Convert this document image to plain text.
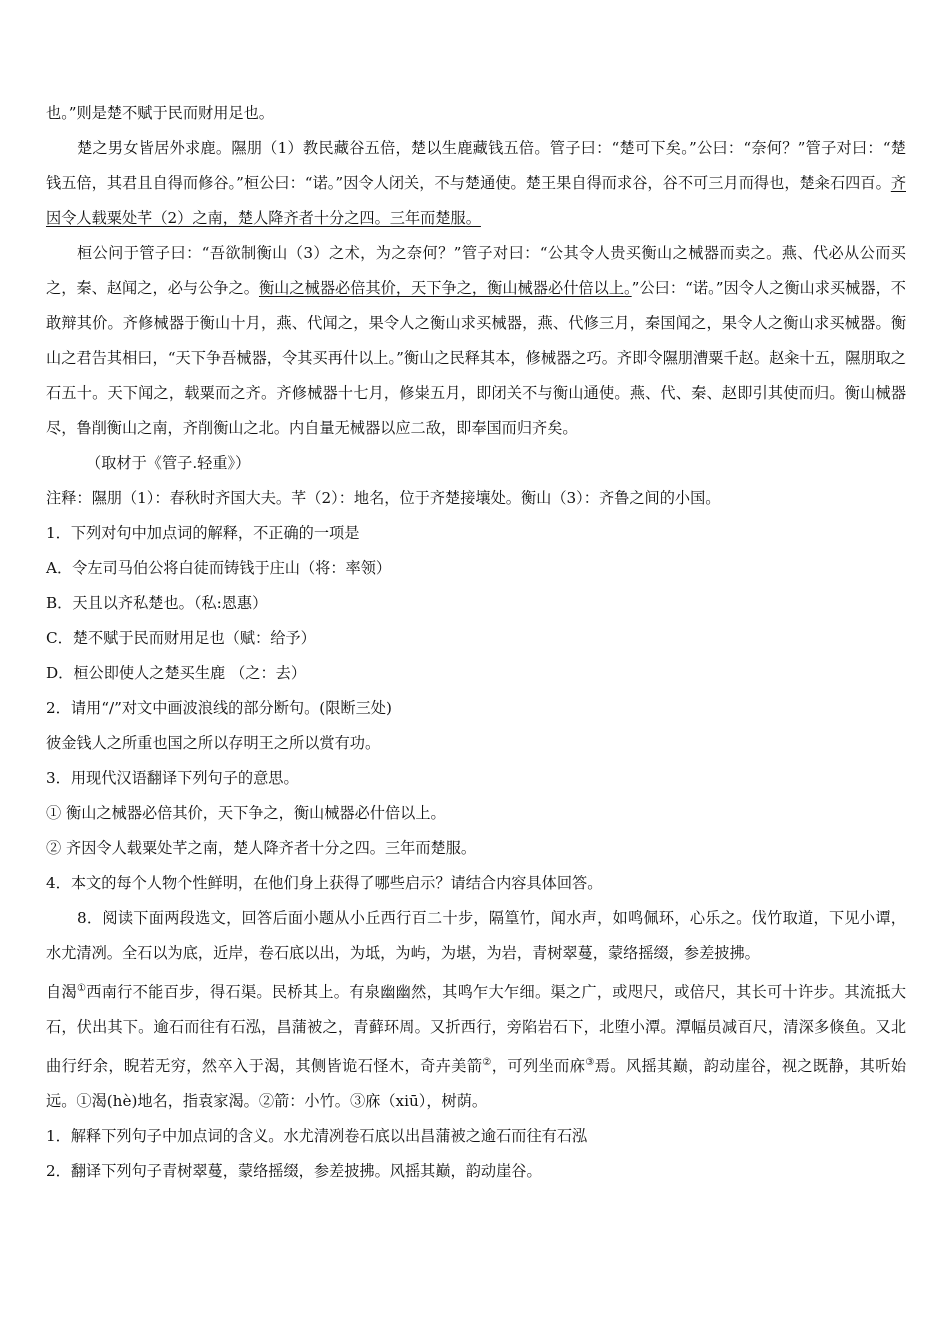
也。”则是楚不赋于民而财用足也。

楚之男女皆居外求鹿。隰朋（1）教民藏谷五倍，楚以生鹿藏钱五倍。管子曰：“楚可下矣。”公曰：“奈何？”管子对曰：“楚钱五倍，其君且自得而修谷。”桓公曰：“诺。”因令人闭关，不与楚通使。楚王果自得而求谷，谷不可三月而得也，楚籴石四百。齐因令人载粟处芊（2）之南，楚人降齐者十分之四。三年而楚服。

桓公问于管子曰：“吾欲制衡山（3）之术，为之奈何？”管子对曰：“公其令人贵买衡山之械器而卖之。燕、代必从公而买之，秦、赵闻之，必与公争之。衡山之械器必倍其价，天下争之，衡山械器必什倍以上。”公曰：“诺。”因令人之衡山求买械器，不敢辩其价。齐修械器于衡山十月，燕、代闻之，果令人之衡山求买械器，燕、代修三月，秦国闻之，果令人之衡山求买械器。衡山之君告其相曰，“天下争吾械器，令其买再什以上。”衡山之民释其本，修械器之巧。齐即令隰朋漕粟千赵。赵籴十五，隰朋取之石五十。天下闻之，载粟而之齐。齐修械器十七月，修粜五月，即闭关不与衡山通使。燕、代、秦、赵即引其使而归。衡山械器尽，鲁削衡山之南，齐削衡山之北。内自量无械器以应二敌，即奉国而归齐矣。

（取材于《管子.轻重》）

注释：隰朋（1）：春秋时齐国大夫。芊（2）：地名，位于齐楚接壤处。衡山（3）：齐鲁之间的小国。

1．下列对句中加点词的解释，不正确的一项是

A．令左司马伯公将白徒而铸钱于庄山（将：率领）

B．天且以齐私楚也。（私:恩惠）

C．楚不赋于民而财用足也（赋：给予）

D．桓公即使人之楚买生鹿 （之：去）

2．请用“/”对文中画波浪线的部分断句。(限断三处)

彼金钱人之所重也国之所以存明王之所以赏有功。

3．用现代汉语翻译下列句子的意思。

① 衡山之械器必倍其价，天下争之，衡山械器必什倍以上。

② 齐因令人载粟处芊之南，楚人降齐者十分之四。三年而楚服。

4．本文的每个人物个性鲜明，在他们身上获得了哪些启示？请结合内容具体回答。

8．阅读下面两段选文，回答后面小题从小丘西行百二十步，隔篁竹，闻水声，如鸣佩环，心乐之。伐竹取道，下见小谭，水尤清冽。全石以为底，近岸，卷石底以出，为坻，为屿，为堪，为岩，青树翠蔓，蒙络摇缀，参差披拂。

自渴①西南行不能百步，得石渠。民桥其上。有泉幽幽然，其鸣乍大乍细。渠之广，或咫尺，或倍尺，其长可十许步。其流抵大石，伏出其下。逾石而往有石泓，昌蒲被之，青藓环周。又折西行，旁陷岩石下，北堕小潭。潭幅员减百尺，清深多倏鱼。又北曲行纡余，睨若无穷，然卒入于渴，其侧皆诡石怪木，奇卉美箭②，可列坐而庥③焉。风摇其巅，韵动崖谷，视之既静，其听始远。①渴(hè)地名，指袁家渴。②箭：小竹。③庥（xiū），树荫。

1．解释下列句子中加点词的含义。水尤清冽卷石底以出昌蒲被之逾石而往有石泓

2．翻译下列句子青树翠蔓，蒙络摇缀，参差披拂。风摇其巅，韵动崖谷。
